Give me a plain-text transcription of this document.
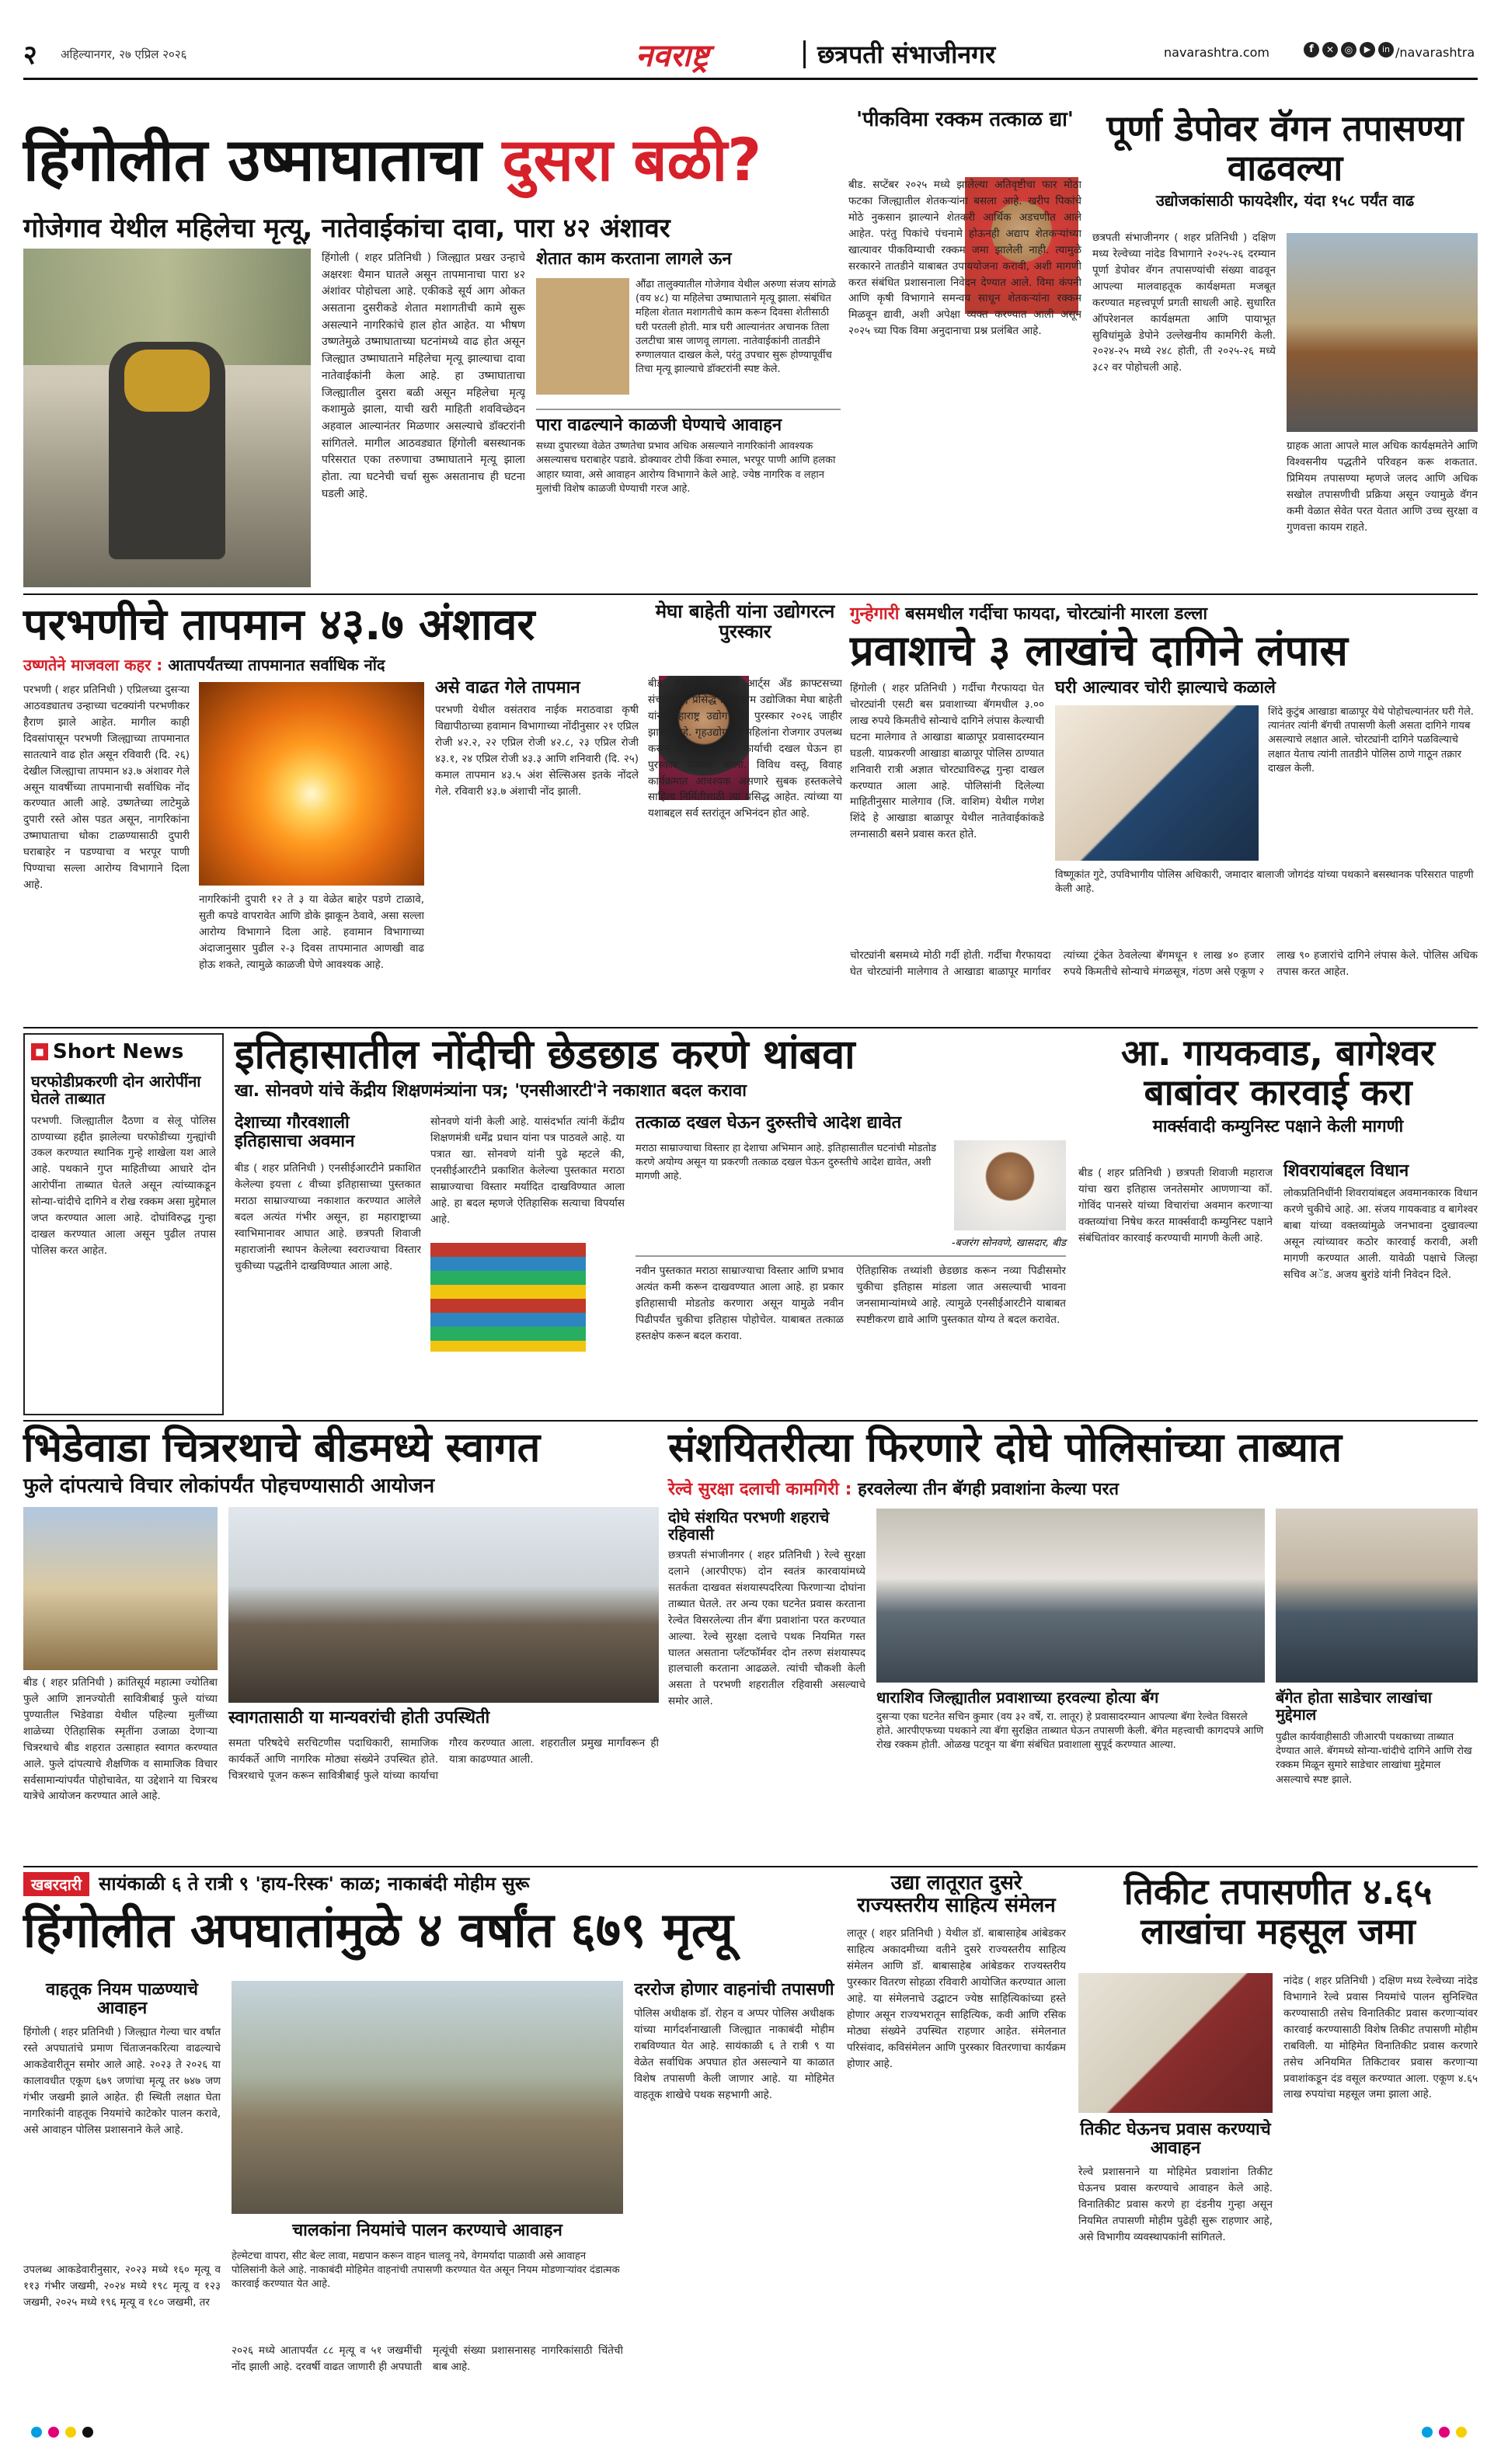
२ अहिल्यानगर, २७ एप्रिल २०२६	नवराष्ट्र	छत्रपती संभाजीनगर	navarashtra.com	f	✕	◎	▶	in /navarashtra
हिंगोलीत उष्माघाताचा दुसरा बळी?
गोजेगाव येथील महिलेचा मृत्यू, नातेवाईकांचा दावा, पारा ४२ अंशावर
हिंगोली ( शहर प्रतिनिधी ) जिल्ह्यात प्रखर उन्हाचे अक्षरशः थैमान घातले असून तापमानाचा पारा ४२ अंशांवर पोहोचला आहे. एकीकडे सूर्य आग ओकत असताना दुसरीकडे शेतात मशागतीची कामे सुरू असल्याने नागरिकांचे हाल होत आहेत. या भीषण उष्णतेमुळे उष्माघाताच्या घटनांमध्ये वाढ होत असून जिल्ह्यात उष्माघाताने महिलेचा मृत्यू झाल्याचा दावा नातेवाईकांनी केला आहे. हा उष्माघाताचा जिल्ह्यातील दुसरा बळी असून महिलेचा मृत्यू कशामुळे झाला, याची खरी माहिती शवविच्छेदन अहवाल आल्यानंतर मिळणार असल्याचे डॉक्टरांनी सांगितले. मागील आठवड्यात हिंगोली बसस्थानक परिसरात एका तरुणाचा उष्माघाताने मृत्यू झाला होता. त्या घटनेची चर्चा सुरू असतानाच ही घटना घडली आहे.
शेतात काम करताना लागले ऊन
औंढा तालुक्यातील गोजेगाव येथील अरुणा संजय सांगळे (वय ४८) या महिलेचा उष्माघाताने मृत्यू झाला. संबंधित महिला शेतात मशागतीचे काम करून दिवसा शेतीसाठी घरी परतली होती. मात्र घरी आल्यानंतर अचानक तिला उलटीचा त्रास जाणवू लागला. नातेवाईकांनी तातडीने रुग्णालयात दाखल केले, परंतु उपचार सुरू होण्यापूर्वीच तिचा मृत्यू झाल्याचे डॉक्टरांनी स्पष्ट केले.
पारा वाढल्याने काळजी घेण्याचे आवाहन
सध्या दुपारच्या वेळेत उष्णतेचा प्रभाव अधिक असल्याने नागरिकांनी आवश्यक असल्यासच घराबाहेर पडावे. डोक्यावर टोपी किंवा रुमाल, भरपूर पाणी आणि हलका आहार घ्यावा, असे आवाहन आरोग्य विभागाने केले आहे. ज्येष्ठ नागरिक व लहान मुलांची विशेष काळजी घेण्याची गरज आहे.
'पीकविमा रक्कम तत्काळ द्या'
बीड. सप्टेंबर २०२५ मध्ये झालेल्या अतिवृष्टीचा फार मोठा फटका जिल्ह्यातील शेतकऱ्यांना बसला आहे. खरीप पिकांचे मोठे नुकसान झाल्याने शेतकरी आर्थिक अडचणीत आले आहेत. परंतु पिकांचे पंचनामे होऊनही अद्याप शेतकऱ्यांच्या खात्यावर पीकविम्याची रक्कम जमा झालेली नाही. त्यामुळे सरकारने तातडीने याबाबत उपाययोजना करावी, अशी मागणी करत संबंधित प्रशासनाला निवेदन देण्यात आले. विमा कंपनी आणि कृषी विभागाने समन्वय साधून शेतकऱ्यांना रक्कम मिळवून द्यावी, अशी अपेक्षा व्यक्त करण्यात आली असून २०२५ च्या पिक विमा अनुदानाचा प्रश्न प्रलंबित आहे.
पूर्णा डेपोवर वॅगन तपासण्या वाढवल्या
उद्योजकांसाठी फायदेशीर, यंदा १५८ पर्यंत वाढ
छत्रपती संभाजीनगर ( शहर प्रतिनिधी ) दक्षिण मध्य रेल्वेच्या नांदेड विभागाने २०२५-२६ दरम्यान पूर्णा डेपोवर वॅगन तपासण्यांची संख्या वाढवून आपल्या मालवाहतूक कार्यक्षमता मजबूत करण्यात महत्त्वपूर्ण प्रगती साधली आहे. सुधारित ऑपरेशनल कार्यक्षमता आणि पायाभूत सुविधांमुळे डेपोने उल्लेखनीय कामगिरी केली. २०२४-२५ मध्ये २४८ होती, ती २०२५-२६ मध्ये ३८२ वर पोहोचली आहे.
ग्राहक आता आपले माल अधिक कार्यक्षमतेने आणि विश्वसनीय पद्धतीने परिवहन करू शकतात. प्रिमियम तपासण्या म्हणजे जलद आणि अधिक सखोल तपासणीची प्रक्रिया असून ज्यामुळे वॅगन कमी वेळात सेवेत परत येतात आणि उच्च सुरक्षा व गुणवत्ता कायम राहते.
परभणीचे तापमान ४३.७ अंशावर
उष्णतेने माजवला कहर : आतापर्यंतच्या तापमानात सर्वाधिक नोंद
परभणी ( शहर प्रतिनिधी ) एप्रिलच्या दुसऱ्या आठवड्यातच उन्हाच्या चटक्यांनी परभणीकर हैराण झाले आहेत. मागील काही दिवसांपासून परभणी जिल्ह्याच्या तापमानात सातत्याने वाढ होत असून रविवारी (दि. २६) देखील जिल्ह्याचा तापमान ४३.७ अंशावर गेले असून यावर्षीच्या तापमानाची सर्वाधिक नोंद करण्यात आली आहे. उष्णतेच्या लाटेमुळे दुपारी रस्ते ओस पडत असून, नागरिकांना उष्माघाताचा धोका टाळण्यासाठी दुपारी घराबाहेर न पडण्याचा व भरपूर पाणी पिण्याचा सल्ला आरोग्य विभागाने दिला आहे.
नागरिकांनी दुपारी १२ ते ३ या वेळेत बाहेर पडणे टाळावे, सुती कपडे वापरावेत आणि डोके झाकून ठेवावे, असा सल्ला आरोग्य विभागाने दिला आहे. हवामान विभागाच्या अंदाजानुसार पुढील २-३ दिवस तापमानात आणखी वाढ होऊ शकते, त्यामुळे काळजी घेणे आवश्यक आहे.
असे वाढत गेले तापमान
परभणी येथील वसंतराव नाईक मराठवाडा कृषी विद्यापीठाच्या हवामान विभागाच्या नोंदीनुसार २१ एप्रिल रोजी ४२.२, २२ एप्रिल रोजी ४२.८, २३ एप्रिल रोजी ४३.१, २४ एप्रिल रोजी ४३.३ आणि शनिवारी (दि. २५) कमाल तापमान ४३.५ अंश सेल्सिअस इतके नोंदले गेले. रविवारी ४३.७ अंशाची नोंद झाली.
मेघा बाहेती यांना उद्योगरत्न पुरस्कार
बीड. शहरातील लक्ष्मी आर्ट्स अँड क्राफ्टसच्या संचालिका, प्रसिद्ध विणीकाम उद्योजिका मेघा बाहेती यांना महाराष्ट्र उद्योग रत्न पुरस्कार २०२६ जाहीर झाला आहे. गृहउद्योगातून महिलांना रोजगार उपलब्ध करून देणाऱ्या त्यांच्या कार्याची दखल घेऊन हा पुरस्कार देण्यात आला. विविध वस्तू, विवाह कार्यक्रमात आवश्यक असणारे सुबक हस्तकलेचे साहित्य निर्मितीसाठी त्या प्रसिद्ध आहेत. त्यांच्या या यशाबद्दल सर्व स्तरांतून अभिनंदन होत आहे.
गुन्हेगारी बसमधील गर्दीचा फायदा, चोरट्यांनी मारला डल्ला
प्रवाशाचे ३ लाखांचे दागिने लंपास
हिंगोली ( शहर प्रतिनिधी ) गर्दीचा गैरफायदा घेत चोरट्यांनी एसटी बस प्रवाशाच्या बॅगमधील ३.०० लाख रुपये किमतीचे सोन्याचे दागिने लंपास केल्याची घटना मालेगाव ते आखाडा बाळापूर प्रवासादरम्यान घडली. याप्रकरणी आखाडा बाळापूर पोलिस ठाण्यात शनिवारी रात्री अज्ञात चोरट्याविरुद्ध गुन्हा दाखल करण्यात आला आहे. पोलिसांनी दिलेल्या माहितीनुसार मालेगाव (जि. वाशिम) येथील गणेश शिंदे हे आखाडा बाळापूर येथील नातेवाईकांकडे लग्नासाठी बसने प्रवास करत होते.
घरी आल्यावर चोरी झाल्याचे कळाले
शिंदे कुटुंब आखाडा बाळापूर येथे पोहोचल्यानंतर घरी गेले. त्यानंतर त्यांनी बॅगची तपासणी केली असता दागिने गायब असल्याचे लक्षात आले. चोरट्यांनी दागिने पळविल्याचे लक्षात येताच त्यांनी तातडीने पोलिस ठाणे गाठून तक्रार दाखल केली.
विष्णूकांत गुटे, उपविभागीय पोलिस अधिकारी, जमादार बालाजी जोगदंड यांच्या पथकाने बसस्थानक परिसरात पाहणी केली आहे.
चोरट्यांनी बसमध्ये मोठी गर्दी होती. गर्दीचा गैरफायदा घेत चोरट्यांनी मालेगाव ते आखाडा बाळापूर मार्गावर त्यांच्या ट्रंकेत ठेवलेल्या बॅगमधून १ लाख ४० हजार रुपये किमतीचे सोन्याचे मंगळसूत्र, गंठण असे एकूण २ लाख ९० हजारांचे दागिने लंपास केले. पोलिस अधिक तपास करत आहेत.
■ Short News
घरफोडीप्रकरणी दोन आरोपींना घेतले ताब्यात
परभणी. जिल्ह्यातील दैठणा व सेलू पोलिस ठाण्याच्या हद्दीत झालेल्या घरफोडीच्या गुन्ह्यांची उकल करण्यात स्थानिक गुन्हे शाखेला यश आले आहे. पथकाने गुप्त माहितीच्या आधारे दोन आरोपींना ताब्यात घेतले असून त्यांच्याकडून सोन्या-चांदीचे दागिने व रोख रक्कम असा मुद्देमाल जप्त करण्यात आला आहे. दोघांविरुद्ध गुन्हा दाखल करण्यात आला असून पुढील तपास पोलिस करत आहेत.
इतिहासातील नोंदीची छेडछाड करणे थांबवा
खा. सोनवणे यांचे केंद्रीय शिक्षणमंत्र्यांना पत्र; 'एनसीआरटी'ने नकाशात बदल करावा
देशाच्या गौरवशाली इतिहासाचा अवमान
बीड ( शहर प्रतिनिधी ) एनसीईआरटीने प्रकाशित केलेल्या इयत्ता ८ वीच्या इतिहासाच्या पुस्तकात मराठा साम्राज्याच्या नकाशात करण्यात आलेले बदल अत्यंत गंभीर असून, हा महाराष्ट्राच्या स्वाभिमानावर आघात आहे. छत्रपती शिवाजी महाराजांनी स्थापन केलेल्या स्वराज्याचा विस्तार चुकीच्या पद्धतीने दाखविण्यात आला आहे.
सोनवणे यांनी केली आहे. यासंदर्भात त्यांनी केंद्रीय शिक्षणमंत्री धर्मेंद्र प्रधान यांना पत्र पाठवले आहे. या पत्रात खा. सोनवणे यांनी पुढे म्हटले की, एनसीईआरटीने प्रकाशित केलेल्या पुस्तकात मराठा साम्राज्याचा विस्तार मर्यादित दाखविण्यात आला आहे. हा बदल म्हणजे ऐतिहासिक सत्याचा विपर्यास आहे.
तत्काळ दखल घेऊन दुरुस्तीचे आदेश द्यावेत
मराठा साम्राज्याचा विस्तार हा देशाचा अभिमान आहे. इतिहासातील घटनांची मोडतोड करणे अयोग्य असून या प्रकरणी तत्काळ दखल घेऊन दुरुस्तीचे आदेश द्यावेत, अशी मागणी आहे.
-बजरंग सोनवणे, खासदार, बीड
नवीन पुस्तकात मराठा साम्राज्याचा विस्तार आणि प्रभाव अत्यंत कमी करून दाखवण्यात आला आहे. हा प्रकार इतिहासाची मोडतोड करणारा असून यामुळे नवीन पिढीपर्यंत चुकीचा इतिहास पोहोचेल. याबाबत तत्काळ हस्तक्षेप करून बदल करावा.
ऐतिहासिक तथ्यांशी छेडछाड करून नव्या पिढीसमोर चुकीचा इतिहास मांडला जात असल्याची भावना जनसामान्यांमध्ये आहे. त्यामुळे एनसीईआरटीने याबाबत स्पष्टीकरण द्यावे आणि पुस्तकात योग्य ते बदल करावेत.
आ. गायकवाड, बागेश्वर बाबांवर कारवाई करा
मार्क्सवादी कम्युनिस्ट पक्षाने केली मागणी
बीड ( शहर प्रतिनिधी ) छत्रपती शिवाजी महाराज यांचा खरा इतिहास जनतेसमोर आणणाऱ्या कॉ. गोविंद पानसरे यांच्या विचारांचा अवमान करणाऱ्या वक्तव्यांचा निषेध करत मार्क्सवादी कम्युनिस्ट पक्षाने संबंधितांवर कारवाई करण्याची मागणी केली आहे.
शिवरायांबद्दल विधान
लोकप्रतिनिधींनी शिवरायांबद्दल अवमानकारक विधान करणे चुकीचे आहे. आ. संजय गायकवाड व बागेश्वर बाबा यांच्या वक्तव्यांमुळे जनभावना दुखावल्या असून त्यांच्यावर कठोर कारवाई करावी, अशी मागणी करण्यात आली. यावेळी पक्षाचे जिल्हा सचिव अॅड. अजय बुरांडे यांनी निवेदन दिले.
भिडेवाडा चित्ररथाचे बीडमध्ये स्वागत
फुले दांपत्याचे विचार लोकांपर्यंत पोहचण्यासाठी आयोजन
बीड ( शहर प्रतिनिधी ) क्रांतिसूर्य महात्मा ज्योतिबा फुले आणि ज्ञानज्योती सावित्रीबाई फुले यांच्या पुण्यातील भिडेवाडा येथील पहिल्या मुलींच्या शाळेच्या ऐतिहासिक स्मृतींना उजाळा देणाऱ्या चित्ररथाचे बीड शहरात उत्साहात स्वागत करण्यात आले. फुले दांपत्याचे शैक्षणिक व सामाजिक विचार सर्वसामान्यांपर्यंत पोहोचावेत, या उद्देशाने या चित्ररथ यात्रेचे आयोजन करण्यात आले आहे.
स्वागतासाठी या मान्यवरांची होती उपस्थिती
समता परिषदेचे सरचिटणीस पदाधिकारी, सामाजिक कार्यकर्ते आणि नागरिक मोठ्या संख्येने उपस्थित होते. चित्ररथाचे पूजन करून सावित्रीबाई फुले यांच्या कार्याचा गौरव करण्यात आला. शहरातील प्रमुख मार्गांवरून ही यात्रा काढण्यात आली.
संशयितरीत्या फिरणारे दोघे पोलिसांच्या ताब्यात
रेल्वे सुरक्षा दलाची कामगिरी : हरवलेल्या तीन बॅगही प्रवाशांना केल्या परत
दोघे संशयित परभणी शहराचे रहिवासी
छत्रपती संभाजीनगर ( शहर प्रतिनिधी ) रेल्वे सुरक्षा दलाने (आरपीएफ) दोन स्वतंत्र कारवायांमध्ये सतर्कता दाखवत संशयास्पदरित्या फिरणाऱ्या दोघांना ताब्यात घेतले. तर अन्य एका घटनेत प्रवास करताना रेल्वेत विसरलेल्या तीन बॅगा प्रवाशांना परत करण्यात आल्या. रेल्वे सुरक्षा दलाचे पथक नियमित गस्त घालत असताना प्लॅटफॉर्मवर दोन तरुण संशयास्पद हालचाली करताना आढळले. त्यांची चौकशी केली असता ते परभणी शहरातील रहिवासी असल्याचे समोर आले.	धाराशिव जिल्ह्यातील प्रवाशाच्या हरवल्या होत्या बॅग
दुसऱ्या एका घटनेत सचिन कुमार (वय ३२ वर्षे, रा. लातूर) हे प्रवासादरम्यान आपल्या बॅगा रेल्वेत विसरले होते. आरपीएफच्या पथकाने त्या बॅगा सुरक्षित ताब्यात घेऊन तपासणी केली. बॅगेत महत्त्वाची कागदपत्रे आणि रोख रक्कम होती. ओळख पटवून या बॅगा संबंधित प्रवाशाला सुपूर्द करण्यात आल्या.
बॅगेत होता साडेचार लाखांचा मुद्देमाल
पुढील कार्यवाहीसाठी जीआरपी पथकाच्या ताब्यात देण्यात आले. बॅगमध्ये सोन्या-चांदीचे दागिने आणि रोख रक्कम मिळून सुमारे साडेचार लाखांचा मुद्देमाल असल्याचे स्पष्ट झाले.
खबरदारी सायंकाळी ६ ते रात्री ९ 'हाय-रिस्क' काळ; नाकाबंदी मोहीम सुरू
हिंगोलीत अपघातांमुळे ४ वर्षांत ६७९ मृत्यू
वाहतूक नियम पाळण्याचे आवाहन
हिंगोली ( शहर प्रतिनिधी ) जिल्ह्यात गेल्या चार वर्षांत रस्ते अपघातांचे प्रमाण चिंताजनकरित्या वाढल्याचे आकडेवारीतून समोर आले आहे. २०२३ ते २०२६ या कालावधीत एकूण ६७९ जणांचा मृत्यू तर ७४७ जण गंभीर जखमी झाले आहेत. ही स्थिती लक्षात घेता नागरिकांनी वाहतूक नियमांचे काटेकोर पालन करावे, असे आवाहन पोलिस प्रशासनाने केले आहे.
उपलब्ध आकडेवारीनुसार, २०२३ मध्ये १६० मृत्यू व ११३ गंभीर जखमी, २०२४ मध्ये १९८ मृत्यू व १२३ जखमी, २०२५ मध्ये १९६ मृत्यू व १८० जखमी, तर
चालकांना नियमांचे पालन करण्याचे आवाहन
हेल्मेटचा वापरा, सीट बेल्ट लावा, मद्यपान करून वाहन चालवू नये, वेगमर्यादा पाळावी असे आवाहन पोलिसांनी केले आहे. नाकाबंदी मोहिमेत वाहनांची तपासणी करण्यात येत असून नियम मोडणाऱ्यांवर दंडात्मक कारवाई करण्यात येत आहे.
२०२६ मध्ये आतापर्यंत ८८ मृत्यू व ५१ जखमींची नोंद झाली आहे. दरवर्षी वाढत जाणारी ही अपघाती मृत्यूंची संख्या प्रशासनासह नागरिकांसाठी चिंतेची बाब आहे.
दररोज होणार वाहनांची तपासणी
पोलिस अधीक्षक डॉ. रोहन व अप्पर पोलिस अधीक्षक यांच्या मार्गदर्शनाखाली जिल्ह्यात नाकाबंदी मोहीम राबविण्यात येत आहे. सायंकाळी ६ ते रात्री ९ या वेळेत सर्वाधिक अपघात होत असल्याने या काळात विशेष तपासणी केली जाणार आहे. या मोहिमेत वाहतूक शाखेचे पथक सहभागी आहे.
उद्या लातूरात दुसरे राज्यस्तरीय साहित्य संमेलन
लातूर ( शहर प्रतिनिधी ) येथील डॉ. बाबासाहेब आंबेडकर साहित्य अकादमीच्या वतीने दुसरे राज्यस्तरीय साहित्य संमेलन आणि डॉ. बाबासाहेब आंबेडकर राज्यस्तरीय पुरस्कार वितरण सोहळा रविवारी आयोजित करण्यात आला आहे. या संमेलनाचे उद्घाटन ज्येष्ठ साहित्यिकांच्या हस्ते होणार असून राज्यभरातून साहित्यिक, कवी आणि रसिक मोठ्या संख्येने उपस्थित राहणार आहेत. संमेलनात परिसंवाद, कविसंमेलन आणि पुरस्कार वितरणाचा कार्यक्रम होणार आहे.
तिकीट तपासणीत ४.६५ लाखांचा महसूल जमा
तिकीट घेऊनच प्रवास करण्याचे आवाहन
रेल्वे प्रशासनाने या मोहिमेत प्रवाशांना तिकीट घेऊनच प्रवास करण्याचे आवाहन केले आहे. विनातिकीट प्रवास करणे हा दंडनीय गुन्हा असून नियमित तपासणी मोहीम पुढेही सुरू राहणार आहे, असे विभागीय व्यवस्थापकांनी सांगितले.
नांदेड ( शहर प्रतिनिधी ) दक्षिण मध्य रेल्वेच्या नांदेड विभागाने रेल्वे प्रवास नियमांचे पालन सुनिश्चित करण्यासाठी तसेच विनातिकीट प्रवास करणाऱ्यांवर कारवाई करण्यासाठी विशेष तिकीट तपासणी मोहीम राबविली. या मोहिमेत विनातिकीट प्रवास करणारे तसेच अनियमित तिकिटावर प्रवास करणाऱ्या प्रवाशांकडून दंड वसूल करण्यात आला. एकूण ४.६५ लाख रुपयांचा महसूल जमा झाला आहे.
